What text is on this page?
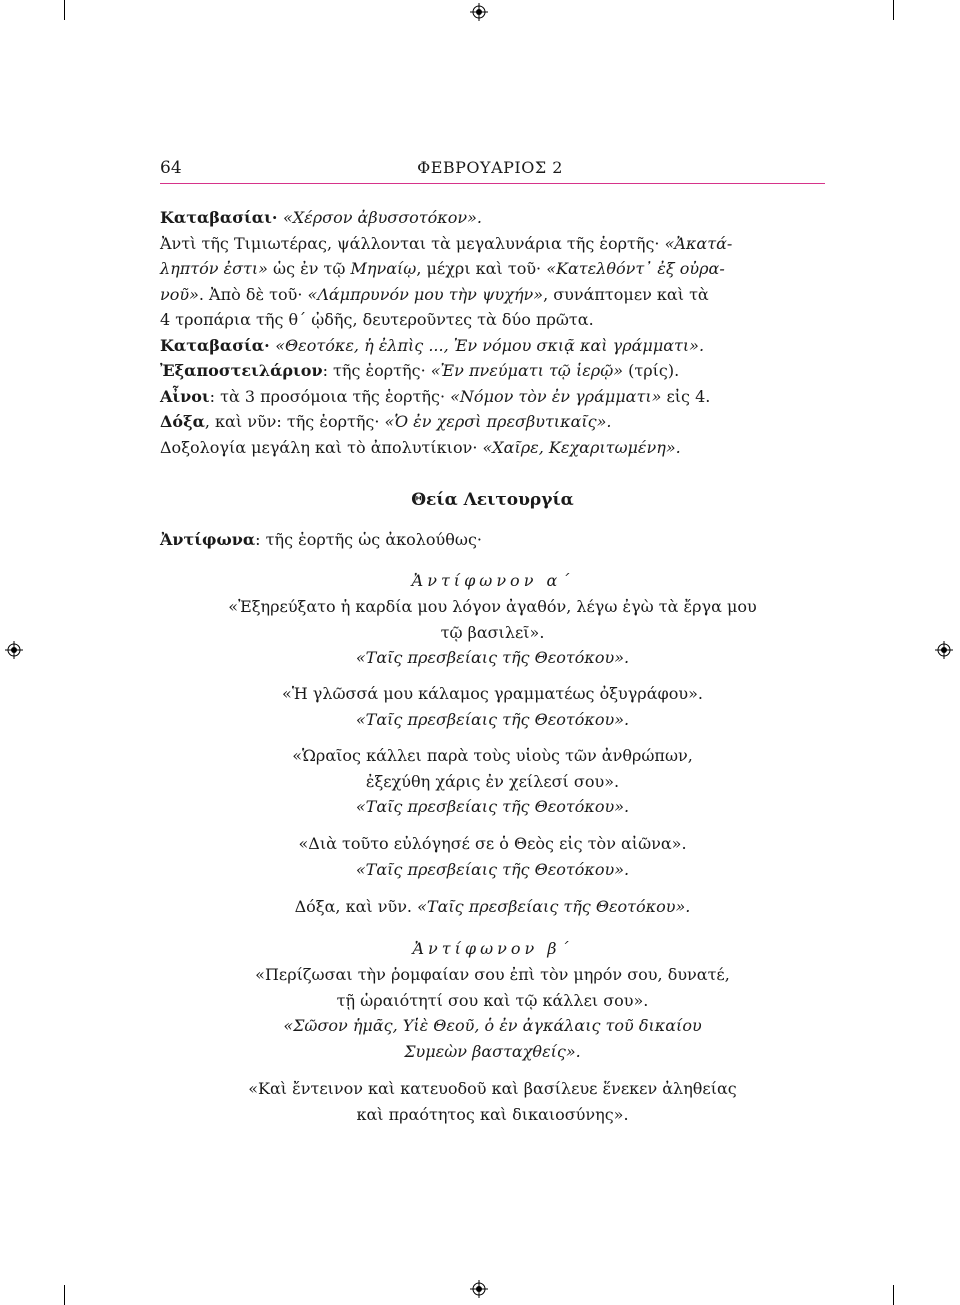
64	ΦΕΒΡΟΥΑΡΙΟΣ 2
Καταβασίαι· «Χέρσον ἀβυσσοτόκον».
Ἀντὶ τῆς Τιμιωτέρας, ψάλλονται τὰ μεγαλυνάρια τῆς ἑορτῆς· «Ἀκατά-
ληπτόν ἐστι» ὡς ἐν τῷ Μηναίῳ, μέχρι καὶ τοῦ· «Κατελθόντ᾽ ἐξ οὐρα-
νοῦ». Ἀπὸ δὲ τοῦ· «Λάμπρυνόν μου τὴν ψυχήν», συνάπτομεν καὶ τὰ
4 τροπάρια τῆς θ΄ ᾠδῆς, δευτεροῦντες τὰ δύο πρῶτα.
Καταβασία· «Θεοτόκε, ἡ ἐλπὶς ..., Ἐν νόμου σκιᾷ καὶ γράμματι».
Ἐξαποστειλάριον: τῆς ἑορτῆς· «Ἐν πνεύματι τῷ ἱερῷ» (τρίς).
Αἶνοι: τὰ 3 προσόμοια τῆς ἑορτῆς· «Νόμον τὸν ἐν γράμματι» εἰς 4.
Δόξα, καὶ νῦν: τῆς ἑορτῆς· «Ὁ ἐν χερσὶ πρεσβυτικαῖς».
Δοξολογία μεγάλη καὶ τὸ ἀπολυτίκιον· «Χαῖρε, Κεχαριτωμένη».
Θεία Λειτουργία
Ἀντίφωνα: τῆς ἑορτῆς ὡς ἀκολούθως·
Ἀντίφωνον α΄
«Ἐξηρεύξατο ἡ καρδία μου λόγον ἀγαθόν, λέγω ἐγὼ τὰ ἔργα μου
τῷ βασιλεῖ».
«Ταῖς πρεσβείαις τῆς Θεοτόκου».
«Ἡ γλῶσσά μου κάλαμος γραμματέως ὀξυγράφου».
«Ταῖς πρεσβείαις τῆς Θεοτόκου».
«Ὡραῖος κάλλει παρὰ τοὺς υἱοὺς τῶν ἀνθρώπων,
ἐξεχύθη χάρις ἐν χείλεσί σου».
«Ταῖς πρεσβείαις τῆς Θεοτόκου».
«Διὰ τοῦτο εὐλόγησέ σε ὁ Θεὸς εἰς τὸν αἰῶνα».
«Ταῖς πρεσβείαις τῆς Θεοτόκου».
Δόξα, καὶ νῦν. «Ταῖς πρεσβείαις τῆς Θεοτόκου».
Ἀντίφωνον β΄
«Περίζωσαι τὴν ῥομφαίαν σου ἐπὶ τὸν μηρόν σου, δυνατέ,
τῇ ὡραιότητί σου καὶ τῷ κάλλει σου».
«Σῶσον ἡμᾶς, Υἱὲ Θεοῦ, ὁ ἐν ἀγκάλαις τοῦ δικαίου
Συμεὼν βασταχθείς».
«Καὶ ἔντεινον καὶ κατευοδοῦ καὶ βασίλευε ἕνεκεν ἀληθείας
καὶ πραότητος καὶ δικαιοσύνης».
